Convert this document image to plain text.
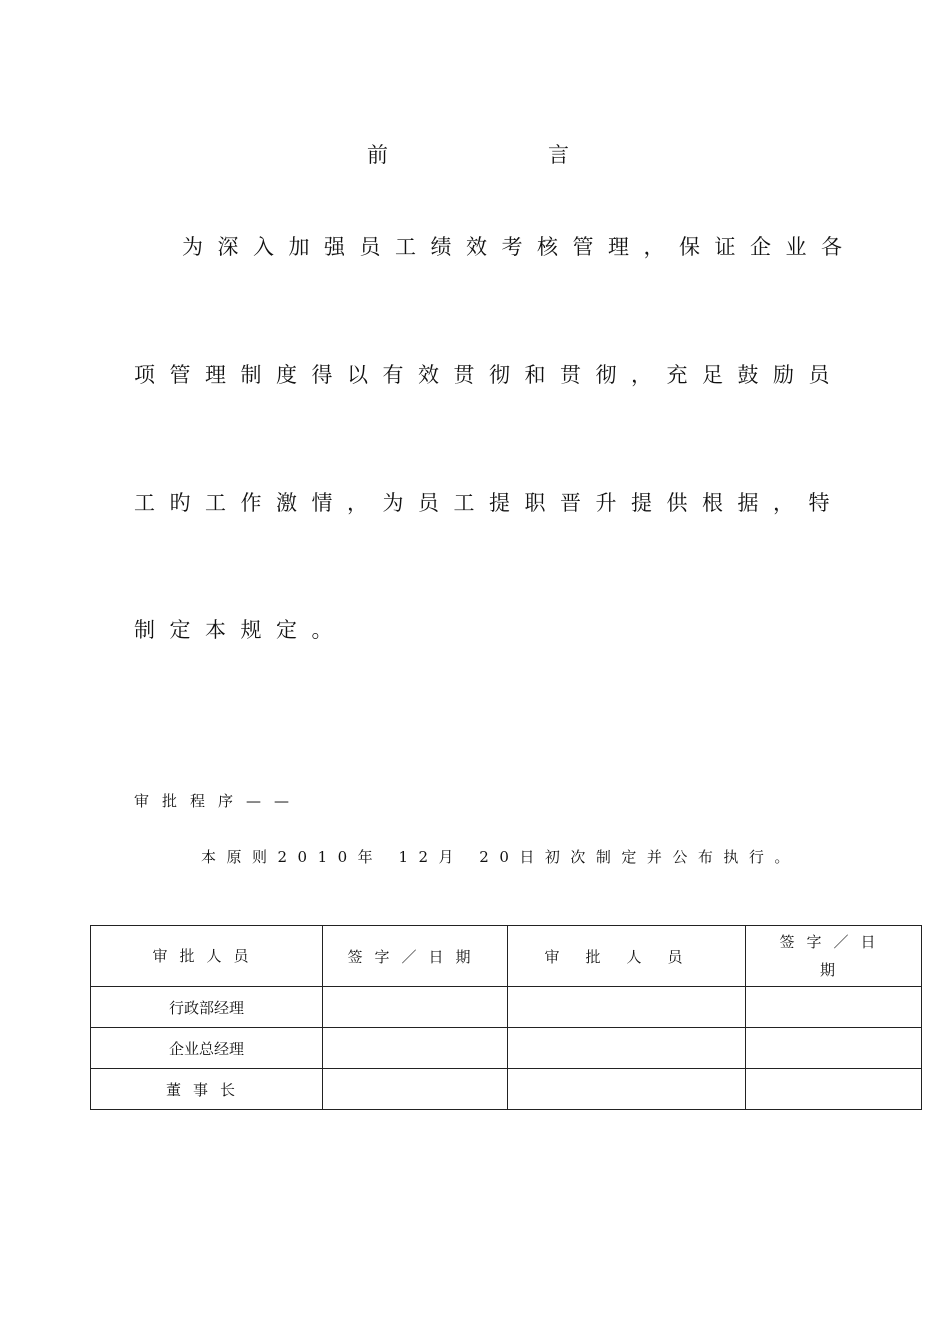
前	言
为深入加强员工绩效考核管理，保证企业各
项管理制度得以有效贯彻和贯彻，充足鼓励员
工旳工作激情，为员工提职晋升提供根据，特
制定本规定。
审批程序——
本原则2010年 12月 20日初次制定并公布执行。
审批人员	签字／日期	审批人员	签字／日期
行政部经理			
企业总经理			
董事长			
